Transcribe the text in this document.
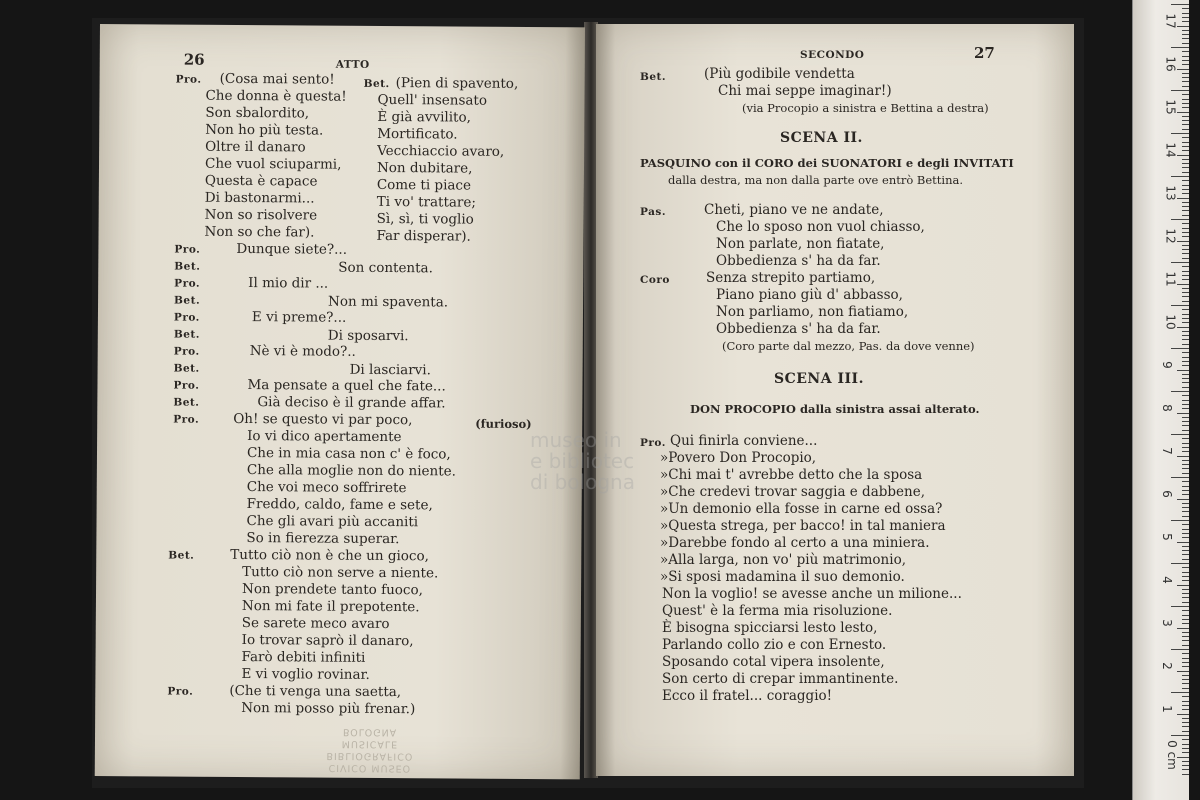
26	ATTO
Pro. (Cosa mai sento!
Che donna è questa!
Son sbalordito,
Non ho più testa.
Oltre il danaro
Che vuol sciuparmi,
Questa è capace
Di bastonarmi...
Non so risolvere
Non so che far).
Bet. (Pien di spavento,
Quell' insensato
È già avvilito,
Mortificato.
Vecchiaccio avaro,
Non dubitare,
Come ti piace
Ti vo' trattare;
Sì, sì, ti voglio
Far disperar).
Pro.	Dunque siete?...
Bet.	Son contenta.
Pro.	Il mio dir ...
Bet.	Non mi spaventa.
Pro.	E vi preme?...
Bet.	Di sposarvi.
Pro.	Nè vi è modo?..
Bet.	Di lasciarvi.
Pro.	Ma pensate a quel che fate...
Bet.	Già deciso è il grande affar.
Pro.	Oh! se questo vi par poco,	(furioso)
Io vi dico apertamente
Che in mia casa non c' è foco,
Che alla moglie non do niente.
Che voi meco soffrirete
Freddo, caldo, fame e sete,
Che gli avari più accaniti
So in fierezza superar.
Bet.	Tutto ciò non è che un gioco,
Tutto ciò non serve a niente.
Non prendete tanto fuoco,
Non mi fate il prepotente.
Se sarete meco avaro
Io trovar saprò il danaro,
Farò debiti infiniti
E vi voglio rovinar.
Pro.	(Che ti venga una saetta,
Non mi posso più frenar.)
CIVICO MUSEO
BIBLIOGRAFICO MUSICALE
BOLOGNA
SECONDO	27
Bet.	(Più godibile vendetta
Chi mai seppe imaginar!)
(via Procopio a sinistra e Bettina a destra)
SCENA II.
PASQUINO con il CORO dei SUONATORI e degli INVITATI
dalla destra, ma non dalla parte ove entrò Bettina.
Pas.	Cheti, piano ve ne andate,
Che lo sposo non vuol chiasso,
Non parlate, non fiatate,
Obbedienza s' ha da far.
Coro	Senza strepito partiamo,
Piano piano giù d' abbasso,
Non parliamo, non fiatiamo,
Obbedienza s' ha da far.
(Coro parte dal mezzo, Pas. da dove venne)
SCENA III.
DON PROCOPIO dalla sinistra assai alterato.
Pro. Qui finirla conviene...
»Povero Don Procopio,
»Chi mai t' avrebbe detto che la sposa
»Che credevi trovar saggia e dabbene,
»Un demonio ella fosse in carne ed ossa?
»Questa strega, per bacco! in tal maniera
»Darebbe fondo al certo a una miniera.
»Alla larga, non vo' più matrimonio,
»Si sposi madamina il suo demonio.
Non la voglio! se avesse anche un milione...
Quest' è la ferma mia risoluzione.
È bisogna spicciarsi lesto lesto,
Parlando collo zio e con Ernesto.
Sposando cotal vipera insolente,
Son certo di crepar immantinente.
Ecco il fratel... coraggio!
museo in
e bibliotec
di bologna
17
16
15
14
13
12
11
10
9
8
7
6
5
4
3
2
1
0 cm
